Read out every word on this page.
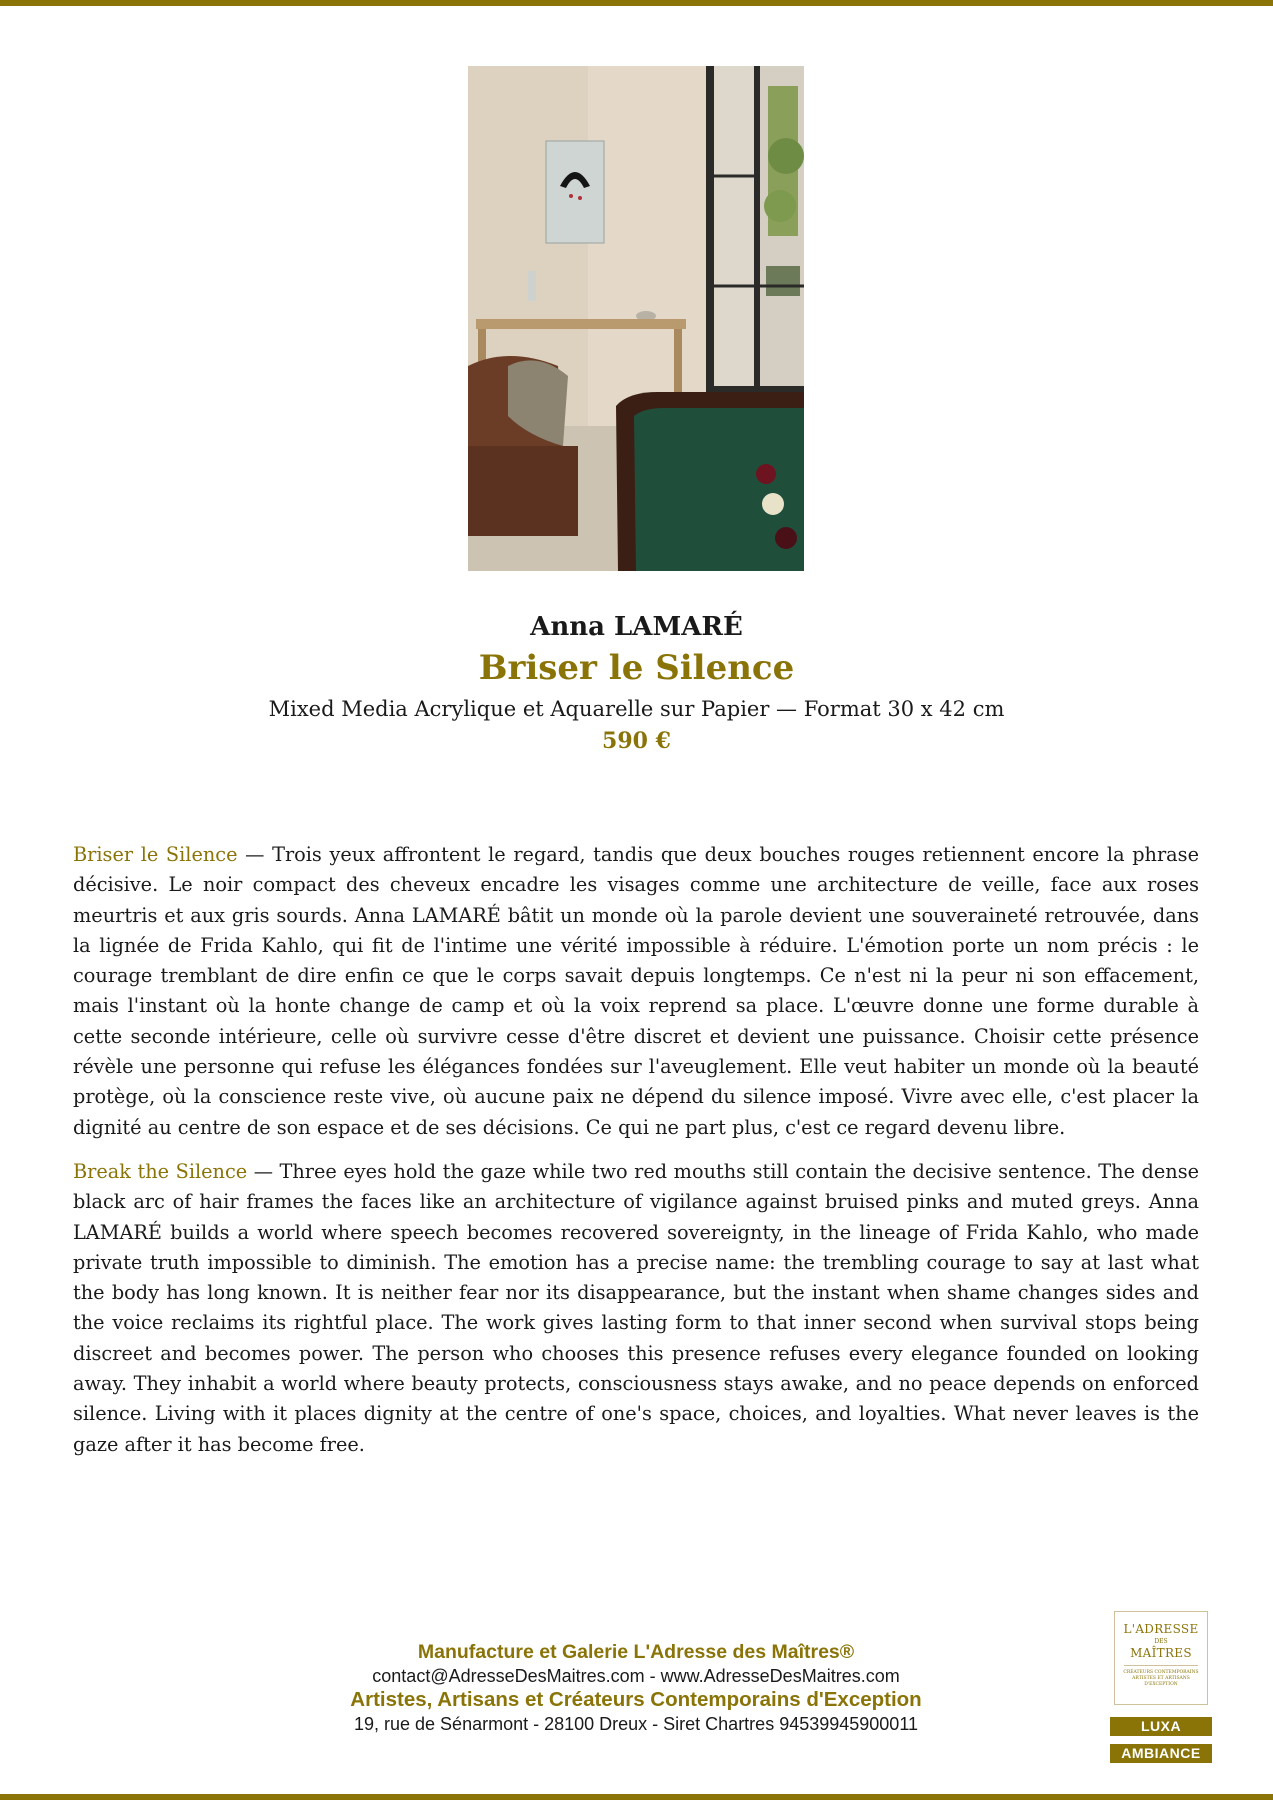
Anna LAMARÉ
Briser le Silence
Mixed Media Acrylique et Aquarelle sur Papier — Format 30 x 42 cm
590 €

Briser le Silence — Trois yeux affrontent le regard, tandis que deux bouches rouges retiennent encore la phrase décisive. Le noir compact des cheveux encadre les visages comme une architecture de veille, face aux roses meurtris et aux gris sourds. Anna LAMARÉ bâtit un monde où la parole devient une souveraineté retrouvée, dans la lignée de Frida Kahlo, qui fit de l'intime une vérité impossible à réduire. L'émotion porte un nom précis : le courage tremblant de dire enfin ce que le corps savait depuis longtemps. Ce n'est ni la peur ni son effacement, mais l'instant où la honte change de camp et où la voix reprend sa place. L'œuvre donne une forme durable à cette seconde intérieure, celle où survivre cesse d'être discret et devient une puissance. Choisir cette présence révèle une personne qui refuse les élégances fondées sur l'aveuglement. Elle veut habiter un monde où la beauté protège, où la conscience reste vive, où aucune paix ne dépend du silence imposé. Vivre avec elle, c'est placer la dignité au centre de son espace et de ses décisions. Ce qui ne part plus, c'est ce regard devenu libre.

Break the Silence — Three eyes hold the gaze while two red mouths still contain the decisive sentence. The dense black arc of hair frames the faces like an architecture of vigilance against bruised pinks and muted greys. Anna LAMARÉ builds a world where speech becomes recovered sovereignty, in the lineage of Frida Kahlo, who made private truth impossible to diminish. The emotion has a precise name: the trembling courage to say at last what the body has long known. It is neither fear nor its disappearance, but the instant when shame changes sides and the voice reclaims its rightful place. The work gives lasting form to that inner second when survival stops being discreet and becomes power. The person who chooses this presence refuses every elegance founded on looking away. They inhabit a world where beauty protects, consciousness stays awake, and no peace depends on enforced silence. Living with it places dignity at the centre of one's space, choices, and loyalties. What never leaves is the gaze after it has become free.

Manufacture et Galerie L'Adresse des Maîtres®
contact@AdresseDesMaitres.com - www.AdresseDesMaitres.com
Artistes, Artisans et Créateurs Contemporains d'Exception
19, rue de Sénarmont - 28100 Dreux - Siret Chartres 94539945900011
L'ADRESSE
DES
MAÎTRES
CRÉATEURS CONTEMPORAINS ARTISTES ET ARTISANS D'EXCEPTION
LUXA
AMBIANCE
